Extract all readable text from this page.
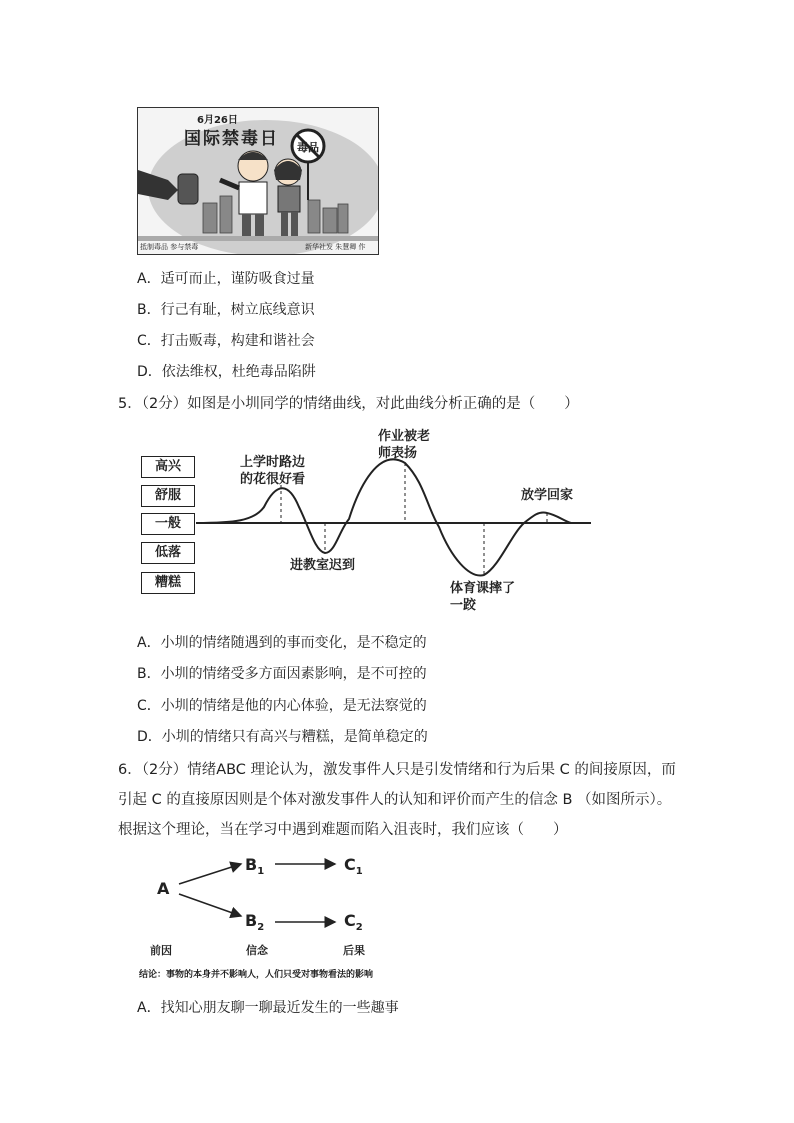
6月26日
国际禁毒日 毒品
抵制毒品 参与禁毒	新华社发 朱慧卿 作
A．适可而止，谨防吸食过量
B．行己有耻，树立底线意识
C．打击贩毒，构建和谐社会
D．依法维权，杜绝毒品陷阱
5．（2分）如图是小圳同学的情绪曲线，对此曲线分析正确的是（　　）
高兴
舒服
一般
低落
糟糕
上学时路边
的花很好看
进教室迟到
作业被老
师表扬
体育课摔了
一跤
放学回家
A．小圳的情绪随遇到的事而变化，是不稳定的
B．小圳的情绪受多方面因素影响，是不可控的
C．小圳的情绪是他的内心体验，是无法察觉的
D．小圳的情绪只有高兴与糟糕，是简单稳定的
6．（2分）情绪ABC 理论认为，激发事件人只是引发情绪和行为后果 C 的间接原因，而引起 C 的直接原因则是个体对激发事件人的认知和评价而产生的信念 B （如图所示）。根据这个理论，当在学习中遇到难题而陷入沮丧时，我们应该（　　）
A
$B_1$	$C_1$
$B_2$	$C_2$
前因	信念	后果
结论：事物的本身并不影响人，人们只受对事物看法的影响
A．找知心朋友聊一聊最近发生的一些趣事
